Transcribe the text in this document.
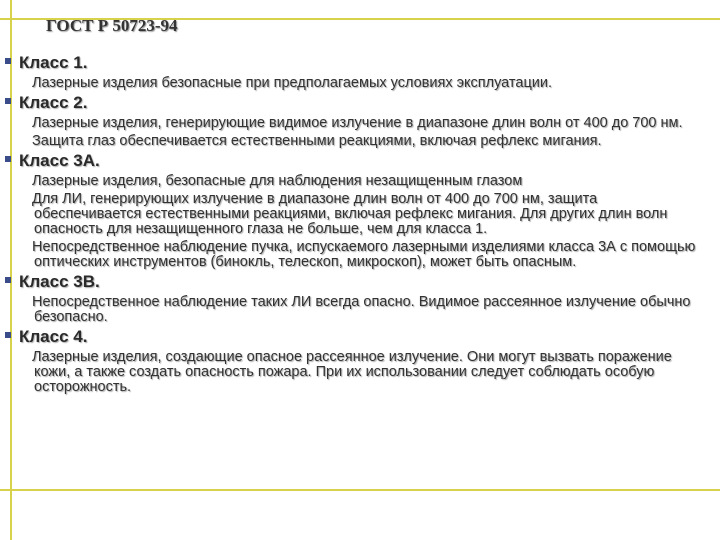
ГОСТ Р 50723-94
Класс 1.
Лазерные изделия безопасные при предполагаемых условиях эксплуатации.
Класс 2.
Лазерные изделия, генерирующие видимое излучение в диапазоне длин волн от 400 до 700 нм.
Защита глаз обеспечивается естественными реакциями, включая рефлекс мигания.
Класс 3А.
Лазерные изделия, безопасные для наблюдения незащищенным глазом
Для ЛИ, генерирующих излучение в диапазоне длин волн от 400 до 700 нм, защита обеспечивается естественными реакциями, включая рефлекс мигания. Для других длин волн опасность для незащищенного глаза не больше, чем для класса 1.
Непосредственное наблюдение пучка, испускаемого лазерными изделиями класса 3А с помощью оптических инструментов (бинокль, телескоп, микроскоп), может быть опасным.
Класс 3В.
Непосредственное наблюдение таких ЛИ всегда опасно. Видимое рассеянное излучение обычно безопасно.
Класс 4.
Лазерные изделия, создающие опасное рассеянное излучение. Они могут вызвать поражение кожи, а также создать опасность пожара. При их использовании следует соблюдать особую осторожность.
